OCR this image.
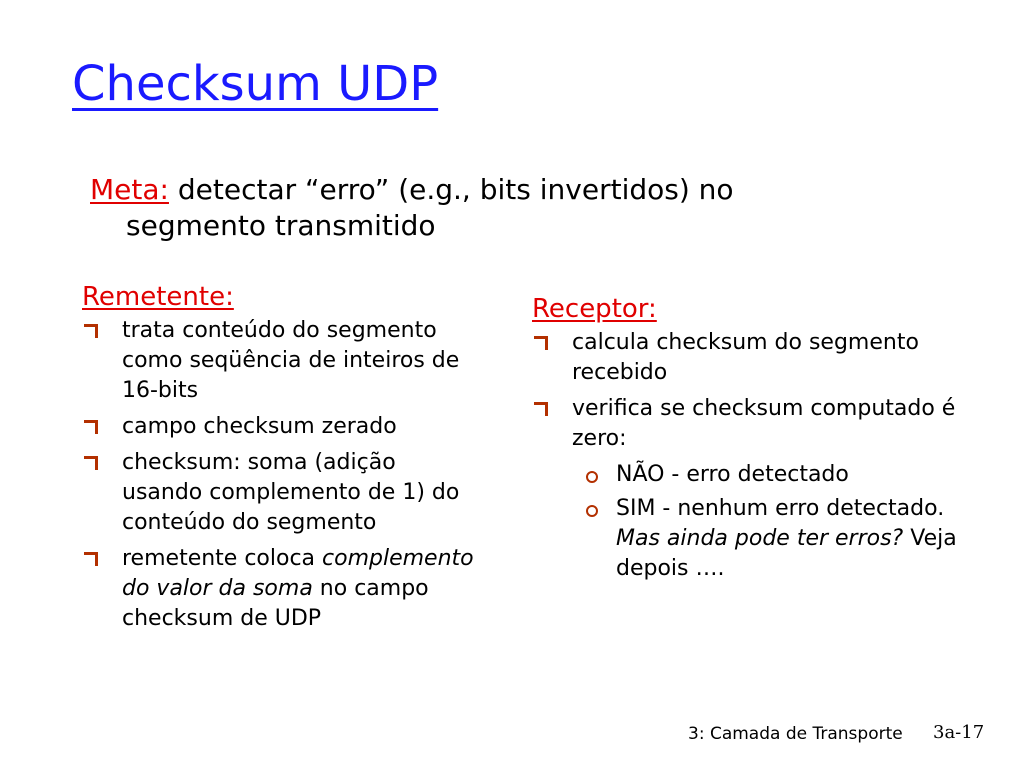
Checksum UDP
Meta: detectar “erro” (e.g., bits invertidos) no
segmento transmitido
Remetente:
trata conteúdo do segmento como seqüência de inteiros de 16-bits
campo checksum zerado
checksum: soma (adição usando complemento de 1) do conteúdo do segmento
remetente coloca complemento do valor da soma no campo checksum de UDP
Receptor:
calcula checksum do segmento recebido
verifica se checksum computado é zero:
NÃO - erro detectado
SIM - nenhum erro detectado. Mas ainda pode ter erros? Veja depois ….
3: Camada de Transporte 3a-17
